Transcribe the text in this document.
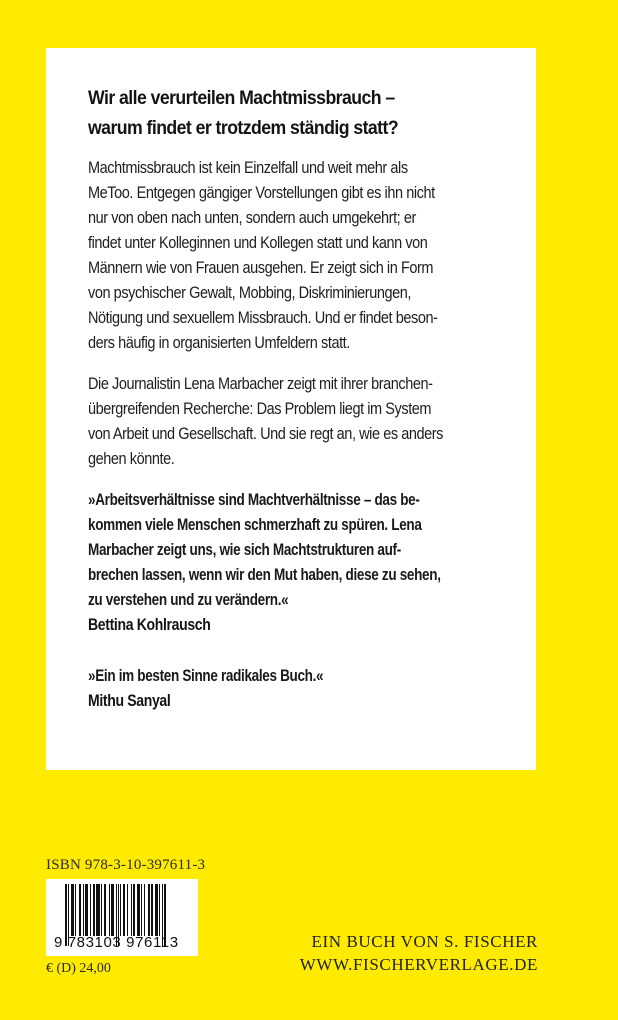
Wir alle verurteilen Machtmissbrauch –
warum findet er trotzdem ständig statt?
Machtmissbrauch ist kein Einzelfall und weit mehr als
MeToo. Entgegen gängiger Vorstellungen gibt es ihn nicht
nur von oben nach unten, sondern auch umgekehrt; er
findet unter Kolleginnen und Kollegen statt und kann von
Männern wie von Frauen ausgehen. Er zeigt sich in Form
von psychischer Gewalt, Mobbing, Diskriminierungen,
Nötigung und sexuellem Missbrauch. Und er findet beson-
ders häufig in organisierten Umfeldern statt.
Die Journalistin Lena Marbacher zeigt mit ihrer branchen-
übergreifenden Recherche: Das Problem liegt im System
von Arbeit und Gesellschaft. Und sie regt an, wie es anders
gehen könnte.
»Arbeitsverhältnisse sind Machtverhältnisse – das be-
kommen viele Menschen schmerzhaft zu spüren. Lena
Marbacher zeigt uns, wie sich Machtstrukturen auf-
brechen lassen, wenn wir den Mut haben, diese zu sehen,
zu verstehen und zu verändern.«
Bettina Kohlrausch
»Ein im besten Sinne radikales Buch.«
Mithu Sanyal
ISBN 978-3-10-397611-3
9 783103 976113
€ (D) 24,00
EIN BUCH VON S. FISCHER
WWW.FISCHERVERLAGE.DE
